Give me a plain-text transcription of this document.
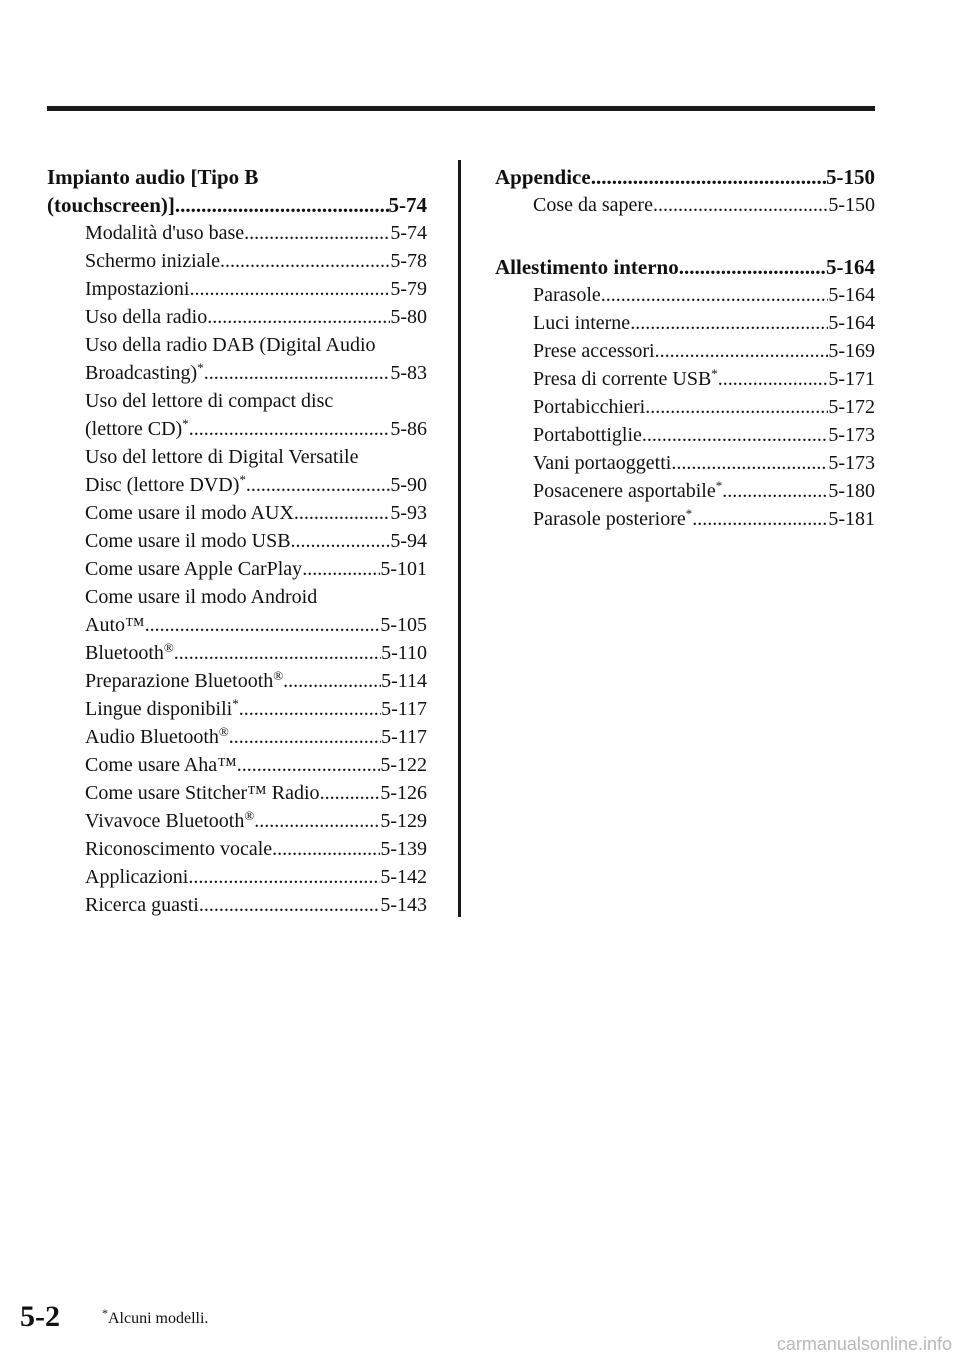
Impianto audio [Tipo B
(touchscreen)] .....	5-74
Modalità d'uso base .....	5-74
Schermo iniziale .....	5-78
Impostazioni .....	5-79
Uso della radio .....	5-80
Uso della radio DAB (Digital Audio
Broadcasting)* .....	5-83
Uso del lettore di compact disc
(lettore CD)* .....	5-86
Uso del lettore di Digital Versatile
Disc (lettore DVD)* .....	5-90
Come usare il modo AUX .....	5-93
Come usare il modo USB .....	5-94
Come usare Apple CarPlay .....	5-101
Come usare il modo Android
Auto™ .....	5-105
Bluetooth® .....	5-110
Preparazione Bluetooth® .....	5-114
Lingue disponibili* .....	5-117
Audio Bluetooth® .....	5-117
Come usare Aha™ .....	5-122
Come usare Stitcher™ Radio .....	5-126
Vivavoce Bluetooth® .....	5-129
Riconoscimento vocale .....	5-139
Applicazioni .....	5-142
Ricerca guasti .....	5-143
Appendice .....	5-150
Cose da sapere .....	5-150
Allestimento interno .....	5-164
Parasole .....	5-164
Luci interne .....	5-164
Prese accessori .....	5-169
Presa di corrente USB* .....	5-171
Portabicchieri .....	5-172
Portabottiglie .....	5-173
Vani portaoggetti .....	5-173
Posacenere asportabile* .....	5-180
Parasole posteriore* .....	5-181
5-2	*Alcuni modelli.
carmanualsonline.info
